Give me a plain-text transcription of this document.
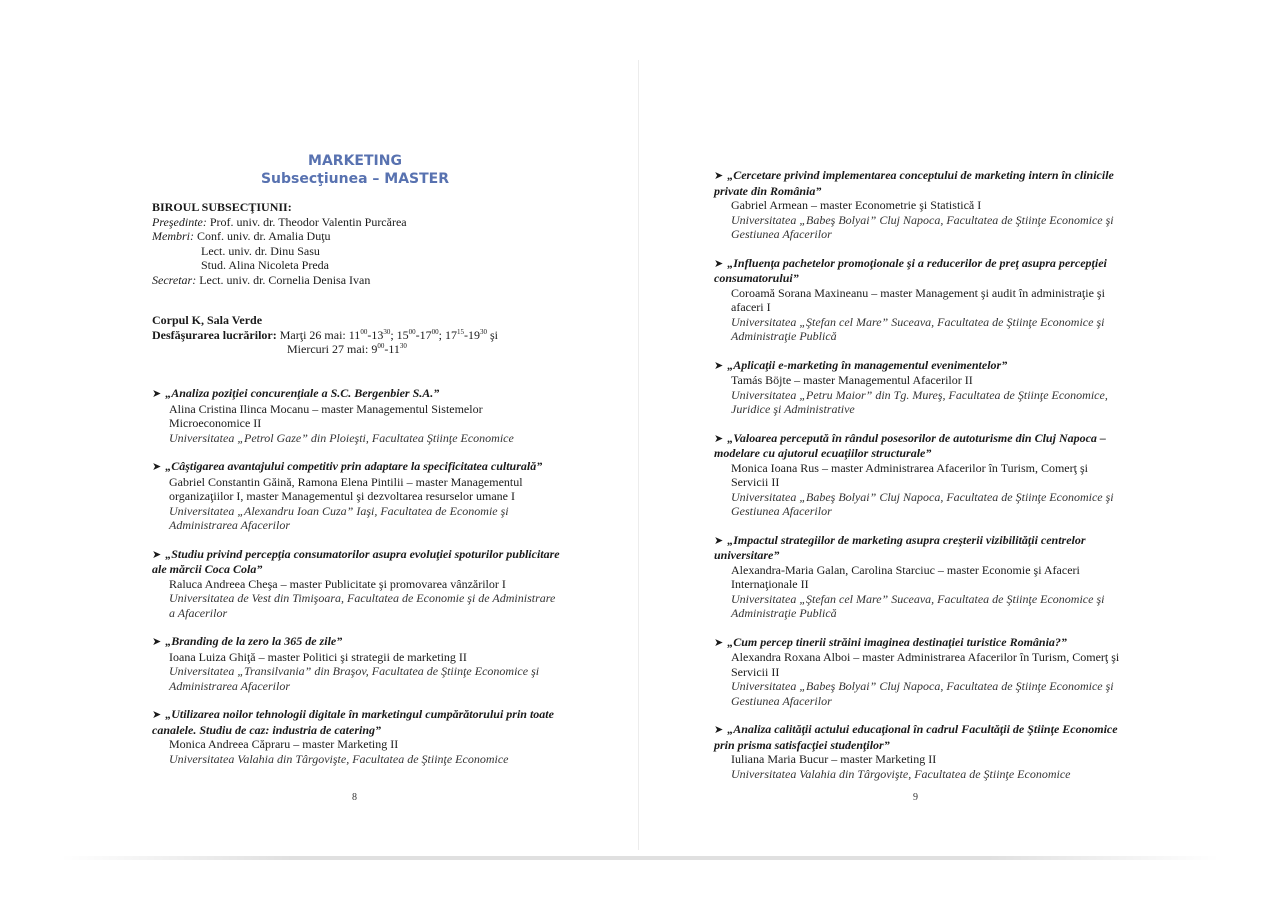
MARKETING
Subsecţiunea – MASTER
BIROUL SUBSECŢIUNII:
Preşedinte: Prof. univ. dr. Theodor Valentin Purcărea
Membri: Conf. univ. dr. Amalia Duţu
Lect. univ. dr. Dinu Sasu
Stud. Alina Nicoleta Preda
Secretar: Lect. univ. dr. Cornelia Denisa Ivan
Corpul K, Sala Verde
Desfăşurarea lucrărilor: Marţi 26 mai: $11^{00}-13^{30}$; $15^{00}-17^{00}$; $17^{15}-19^{30}$ şi
Miercuri 27 mai: $9^{00}-11^{30}$
➤ „Analiza poziţiei concurenţiale a S.C. Bergenbier S.A.”
Alina Cristina Ilinca Mocanu – master Managementul Sistemelor Microeconomice II
Universitatea „Petrol Gaze” din Ploieşti, Facultatea Ştiinţe Economice
➤ „Câştigarea avantajului competitiv prin adaptare la specificitatea culturală”
Gabriel Constantin Găină, Ramona Elena Pintilii – master Managementul organizaţiilor I, master Managementul şi dezvoltarea resurselor umane I
Universitatea „Alexandru Ioan Cuza” Iaşi, Facultatea de Economie şi Administrarea Afacerilor
➤ „Studiu privind percepţia consumatorilor asupra evoluţiei spoturilor publicitare ale mărcii Coca Cola”
Raluca Andreea Cheşa – master Publicitate şi promovarea vânzărilor I
Universitatea de Vest din Timişoara, Facultatea de Economie şi de Administrare a Afacerilor
➤ „Branding de la zero la 365 de zile”
Ioana Luiza Ghiţă – master Politici şi strategii de marketing II
Universitatea „Transilvania” din Braşov, Facultatea de Ştiinţe Economice şi Administrarea Afacerilor
➤ „Utilizarea noilor tehnologii digitale în marketingul cumpărătorului prin toate canalele. Studiu de caz: industria de catering”
Monica Andreea Căpraru – master Marketing II
Universitatea Valahia din Târgovişte, Facultatea de Ştiinţe Economice
8
➤ „Cercetare privind implementarea conceptului de marketing intern în clinicile private din România”
Gabriel Armean – master Econometrie şi Statistică I
Universitatea „Babeş Bolyai” Cluj Napoca, Facultatea de Ştiinţe Economice şi Gestiunea Afacerilor
➤ „Influenţa pachetelor promoţionale şi a reducerilor de preţ asupra percepţiei consumatorului”
Coroamă Sorana Maxineanu – master Management şi audit în administraţie şi afaceri I
Universitatea „Ştefan cel Mare” Suceava, Facultatea de Ştiinţe Economice şi Administraţie Publică
➤ „Aplicaţii e-marketing în managementul evenimentelor”
Tamás Böjte – master Managementul Afacerilor II
Universitatea „Petru Maior” din Tg. Mureş, Facultatea de Ştiinţe Economice, Juridice şi Administrative
➤ „Valoarea percepută în rândul posesorilor de autoturisme din Cluj Napoca – modelare cu ajutorul ecuaţiilor structurale”
Monica Ioana Rus – master Administrarea Afacerilor în Turism, Comerţ şi Servicii II
Universitatea „Babeş Bolyai” Cluj Napoca, Facultatea de Ştiinţe Economice şi Gestiunea Afacerilor
➤ „Impactul strategiilor de marketing asupra creşterii vizibilităţii centrelor universitare”
Alexandra-Maria Galan, Carolina Starciuc – master Economie şi Afaceri Internaţionale II
Universitatea „Ştefan cel Mare” Suceava, Facultatea de Ştiinţe Economice şi Administraţie Publică
➤ „Cum percep tinerii străini imaginea destinaţiei turistice România?”
Alexandra Roxana Alboi – master Administrarea Afacerilor în Turism, Comerţ şi Servicii II
Universitatea „Babeş Bolyai” Cluj Napoca, Facultatea de Ştiinţe Economice şi Gestiunea Afacerilor
➤ „Analiza calităţii actului educaţional în cadrul Facultăţii de Ştiinţe Economice prin prisma satisfacţiei studenţilor”
Iuliana Maria Bucur – master Marketing II
Universitatea Valahia din Târgovişte, Facultatea de Ştiinţe Economice
9
